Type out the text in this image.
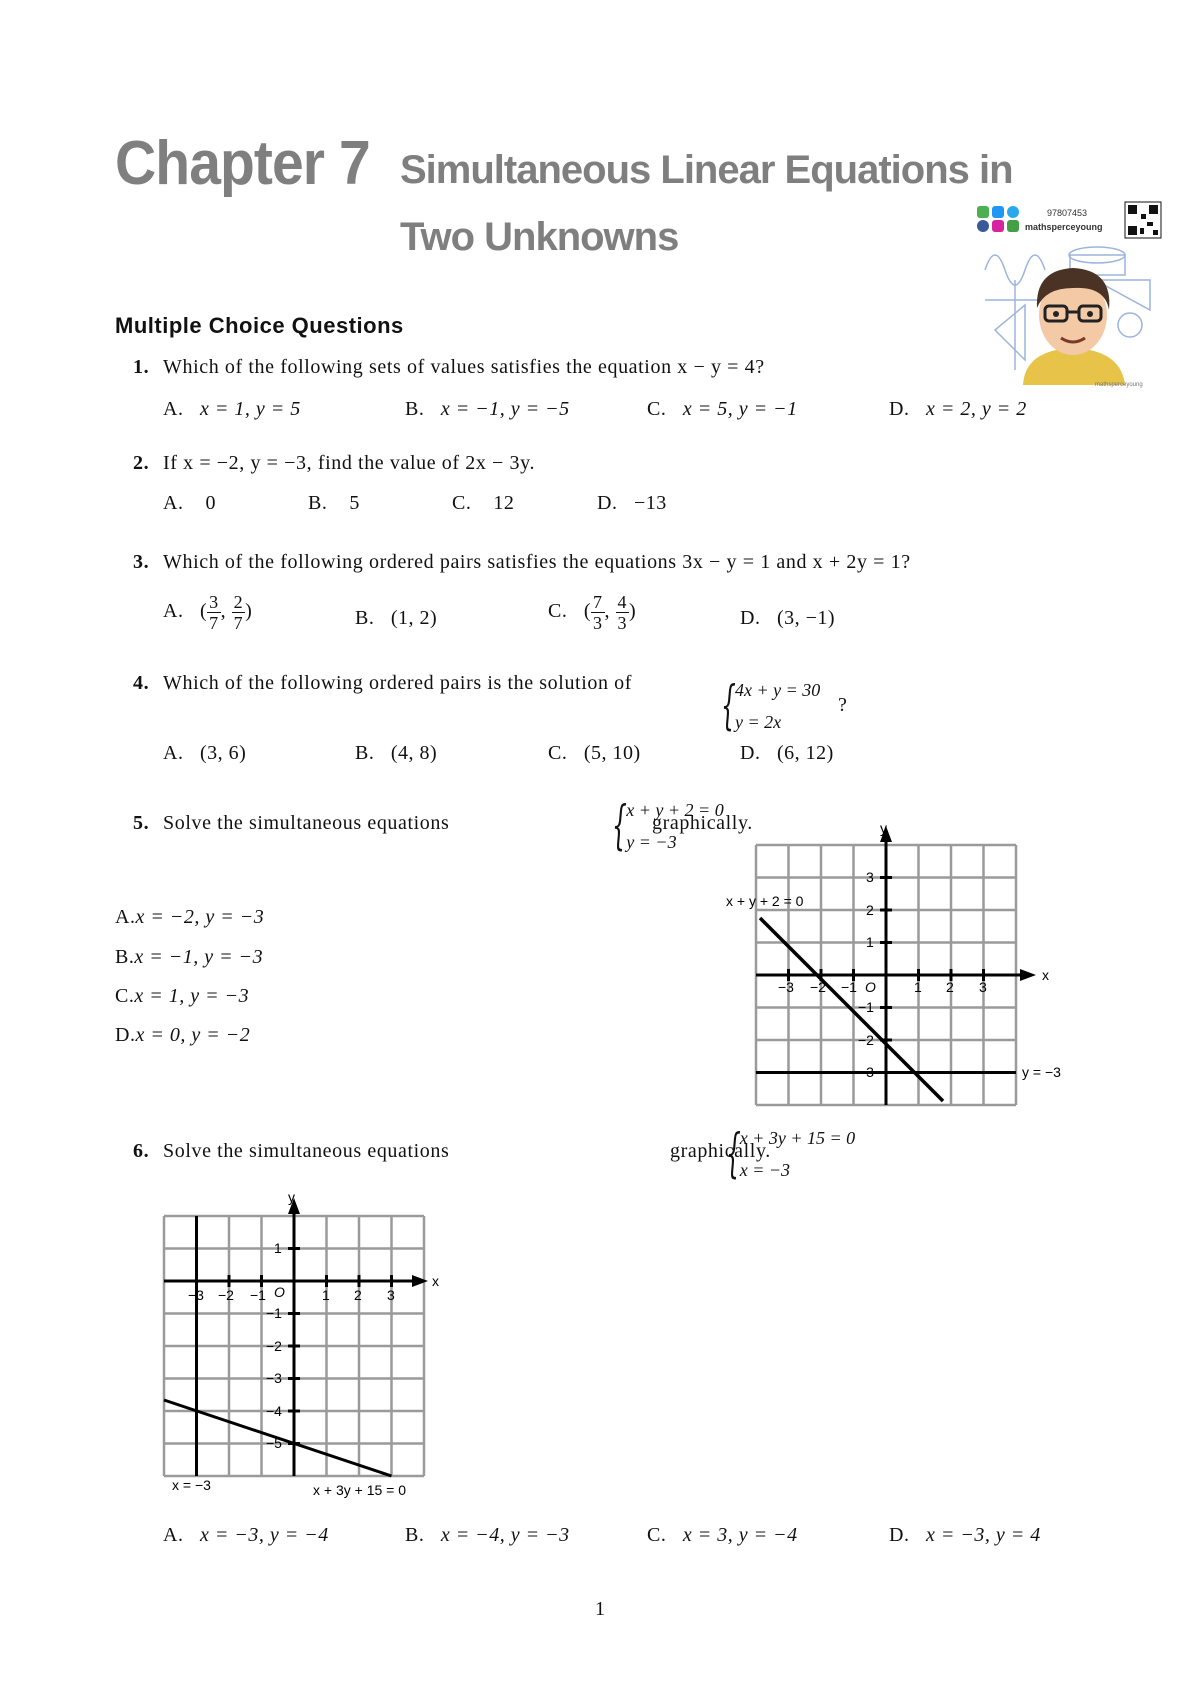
Chapter 7 Simultaneous Linear Equations in
Two Unknowns
97807453
mathsperceyoung
mathsperceyoung
Multiple Choice Questions
1. Which of the following sets of values satisfies the equation x − y = 4?
A. x = 1, y = 5	B. x = −1, y = −5	C. x = 5, y = −1	D. x = 2, y = 2
2. If x = −2, y = −3, find the value of 2x − 3y.
A. 0	B. 5	C. 12	D. −13
3. Which of the following ordered pairs satisfies the equations 3x − y = 1 and x + 2y = 1?
A.   ( $\frac{3}{7}$ , $\frac{2}{7}$ )	B. (1, 2)	C.   ( $\frac{7}{3}$ , $\frac{4}{3}$ )	D. (3, −1)
4. Which of the following ordered pairs is the solution of
{	4x + y = 30
y = 2x

?
A. (3, 6)	B. (4, 8)	C. (5, 10)	D. (6, 12)
5. Solve the simultaneous equations
{ x + y + 2 = 0
y = −3

graphically.
A.x = −2, y = −3
B.x = −1, y = −3
C.x = 1, y = −3
D.x = 0, y = −2
x
y
O
−3 −2 −1	1 2 3
3
2
1
−1
−2
−3
x + y + 2 = 0
y = −3
6. Solve the simultaneous equations
{ x + 3y + 15 = 0
x = −3
graphically.
x
y
O
−3 −2 −1	1 2 3
1
−1
−2
−3
−4
−5
x + 3y + 15 = 0
x = −3
A. x = −3, y = −4	B. x = −4, y = −3	C. x = 3, y = −4	D. x = −3, y = 4
1
